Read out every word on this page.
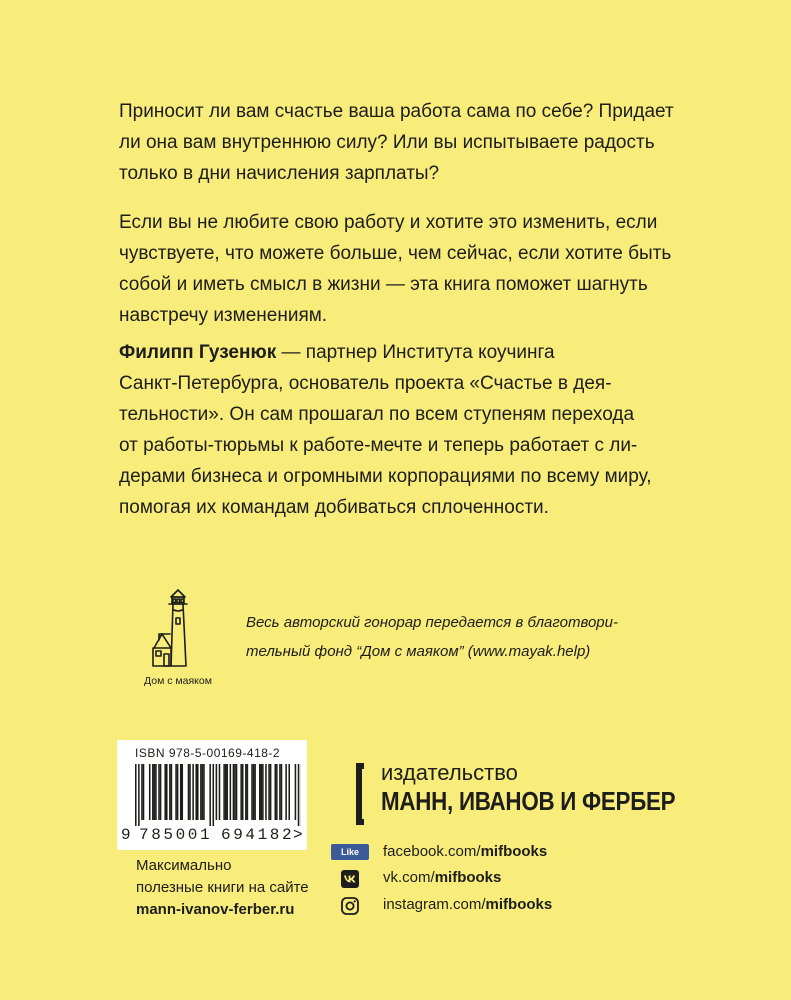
Приносит ли вам счастье ваша работа сама по себе? Придает
ли она вам внутреннюю силу? Или вы испытываете радость
только в дни начисления зарплаты?

Если вы не любите свою работу и хотите это изменить, если
чувствуете, что можете больше, чем сейчас, если хотите быть
собой и иметь смысл в жизни — эта книга поможет шагнуть
навстречу изменениям.

Филипп Гузенюк — партнер Института коучинга
Санкт-Петербурга, основатель проекта «Счастье в дея-
тельности». Он сам прошагал по всем ступеням перехода
от работы-тюрьмы к работе-мечте и теперь работает с ли-
дерами бизнеса и огромными корпорациями по всему миру,
помогая их командам добиваться сплоченности.

Дом с маяком
Весь авторский гонорар передается в благотвори-
тельный фонд “Дом с маяком” (www.mayak.help)
ISBN 978-5-00169-418-2
9 785001 694182
>
Максимально
полезные книги на сайте
mann-ivanov-ferber.ru
издательство
МАНН, ИВАНОВ И ФЕРБЕР
Like	facebook.com/mifbooks
vk.com/mifbooks
instagram.com/mifbooks
